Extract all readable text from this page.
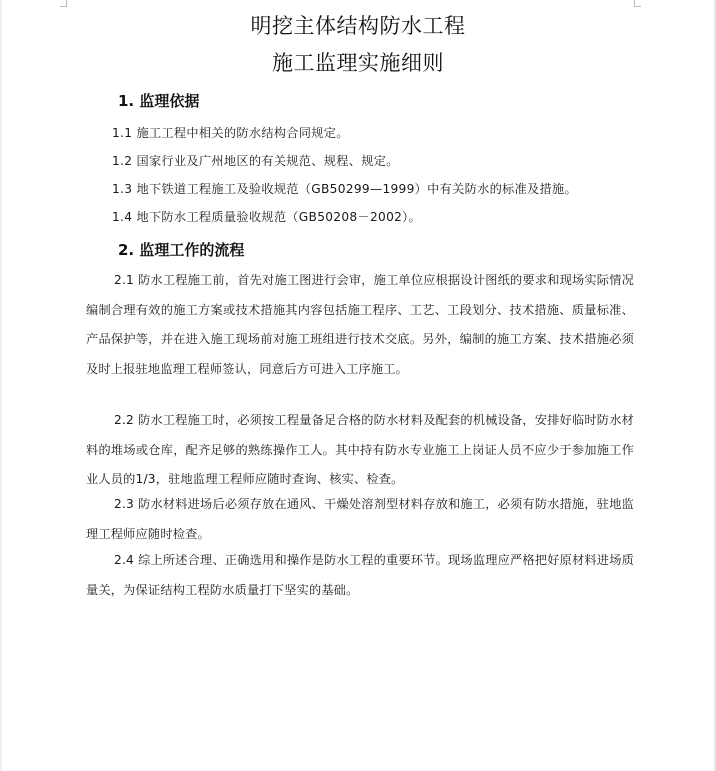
明挖主体结构防水工程
施工监理实施细则
1. 监理依据
1.1 施工工程中相关的防水结构合同规定。
1.2 国家行业及广州地区的有关规范、规程、规定。
1.3 地下铁道工程施工及验收规范（GB50299—1999）中有关防水的标准及措施。
1.4 地下防水工程质量验收规范（GB50208－2002）。
2. 监理工作的流程
2.1 防水工程施工前，首先对施工图进行会审，施工单位应根据设计图纸的要求和现场实际情况编制合理有效的施工方案或技术措施其内容包括施工程序、工艺、工段划分、技术措施、质量标准、产品保护等，并在进入施工现场前对施工班组进行技术交底。另外，编制的施工方案、技术措施必须及时上报驻地监理工程师签认，同意后方可进入工序施工。
2.2 防水工程施工时，必须按工程量备足合格的防水材料及配套的机械设备，安排好临时防水材料的堆场或仓库，配齐足够的熟练操作工人。其中持有防水专业施工上岗证人员不应少于参加施工作业人员的1/3，驻地监理工程师应随时查询、核实、检查。
2.3 防水材料进场后必须存放在通风、干燥处溶剂型材料存放和施工，必须有防水措施，驻地监理工程师应随时检查。
2.4 综上所述合理、正确选用和操作是防水工程的重要环节。现场监理应严格把好原材料进场质量关，为保证结构工程防水质量打下坚实的基础。
